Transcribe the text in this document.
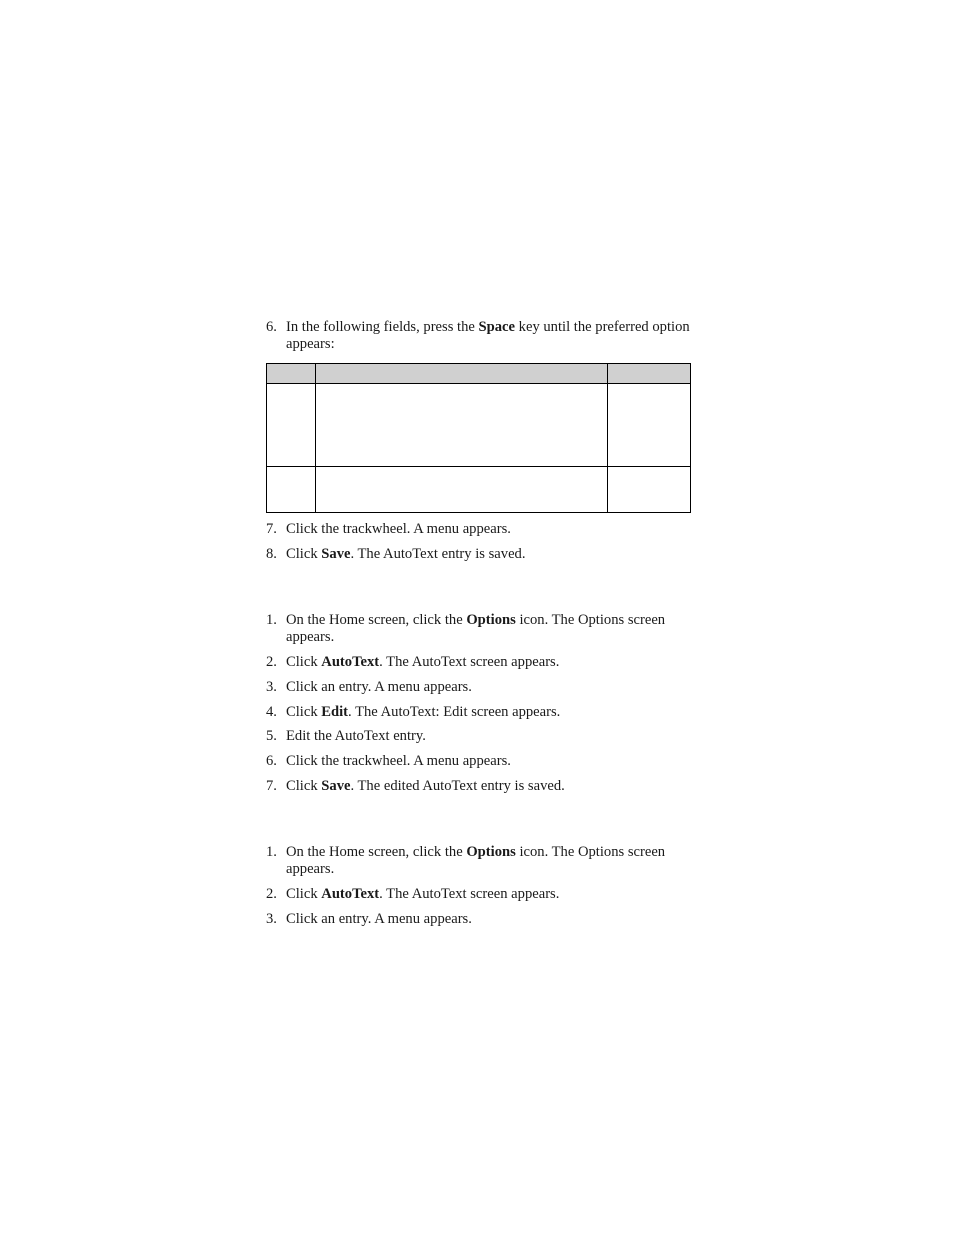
6. In the following fields, press the Space key until the preferred option appears:

7. Click the trackwheel. A menu appears.
8. Click Save. The AutoText entry is saved.
1. On the Home screen, click the Options icon. The Options screen appears.
2. Click AutoText. The AutoText screen appears.
3. Click an entry. A menu appears.
4. Click Edit. The AutoText: Edit screen appears.
5. Edit the AutoText entry.
6. Click the trackwheel. A menu appears.
7. Click Save. The edited AutoText entry is saved.
1. On the Home screen, click the Options icon. The Options screen appears.
2. Click AutoText. The AutoText screen appears.
3. Click an entry. A menu appears.
